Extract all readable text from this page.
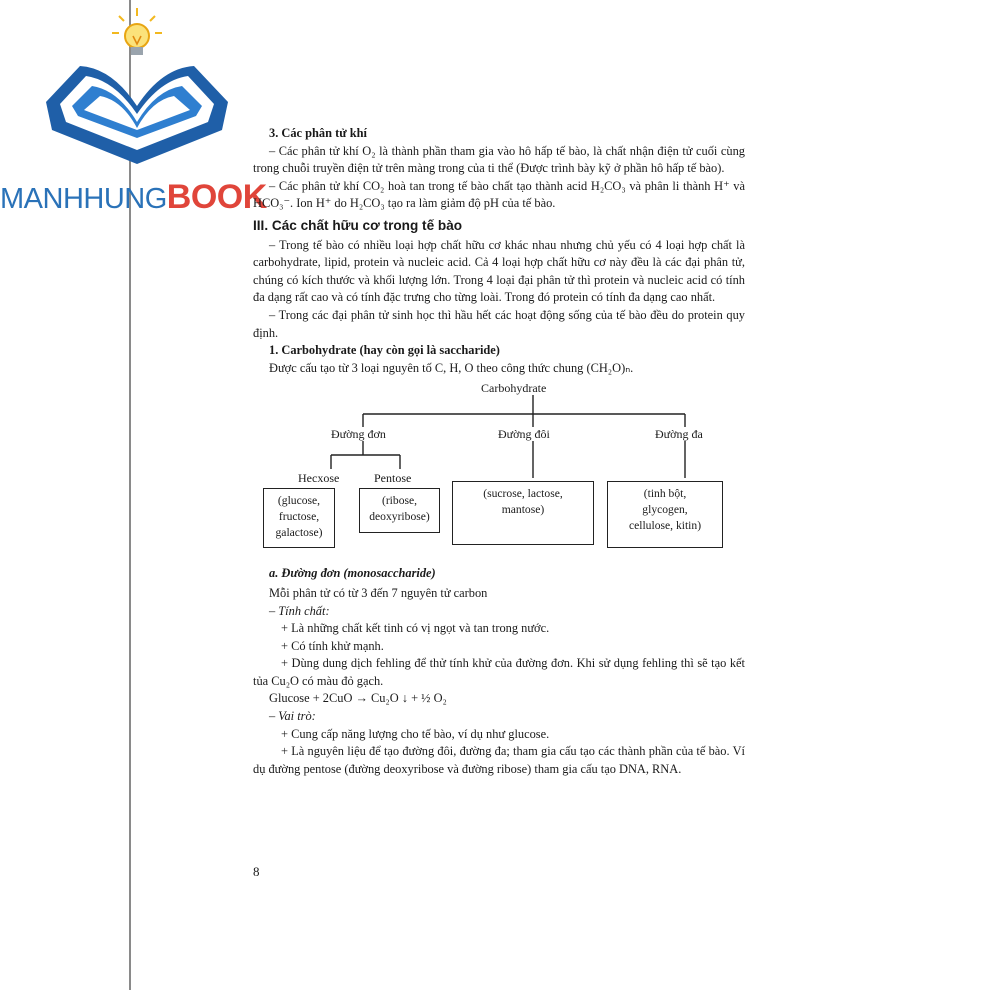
MANHHUNGBOOK

3. Các phân tử khí

– Các phân tử khí O₂ là thành phần tham gia vào hô hấp tế bào, là chất nhận điện tử cuối cùng trong chuỗi truyền điện tử trên màng trong của ti thể (Được trình bày kỹ ở phần hô hấp tế bào).

– Các phân tử khí CO₂ hoà tan trong tế bào chất tạo thành acid H₂CO₃ và phân li thành H⁺ và HCO₃⁻. Ion H⁺ do H₂CO₃ tạo ra làm giảm độ pH của tế bào.

III. Các chất hữu cơ trong tế bào

– Trong tế bào có nhiều loại hợp chất hữu cơ khác nhau nhưng chủ yếu có 4 loại hợp chất là carbohydrate, lipid, protein và nucleic acid. Cả 4 loại hợp chất hữu cơ này đều là các đại phân tử, chúng có kích thước và khối lượng lớn. Trong 4 loại đại phân tử thì protein và nucleic acid có tính đa dạng rất cao và có tính đặc trưng cho từng loài. Trong đó protein có tính đa dạng cao nhất.

– Trong các đại phân tử sinh học thì hầu hết các hoạt động sống của tế bào đều do protein quy định.

1. Carbohydrate (hay còn gọi là saccharide)

Được cấu tạo từ 3 loại nguyên tố C, H, O theo công thức chung (CH₂O)ₙ.

Carbohydrate
Đường đơn	Đường đôi	Đường đa
Hecxose	Pentose
(glucose,
fructose,
galactose)
(ribose,
deoxyribose)
(sucrose, lactose,
mantose)
(tinh bột,
glycogen,
cellulose, kitin)

a. Đường đơn (monosaccharide)

Mỗi phân tử có từ 3 đến 7 nguyên tử carbon

– Tính chất:

+ Là những chất kết tinh có vị ngọt và tan trong nước.

+ Có tính khử mạnh.

+ Dùng dung dịch fehling để thử tính khử của đường đơn. Khi sử dụng fehling thì sẽ tạo kết tủa Cu₂O có màu đỏ gạch.

Glucose + 2CuO → Cu₂O ↓ + ½ O₂

– Vai trò:

+ Cung cấp năng lượng cho tế bào, ví dụ như glucose.

+ Là nguyên liệu để tạo đường đôi, đường đa; tham gia cấu tạo các thành phần của tế bào. Ví dụ đường pentose (đường deoxyribose và đường ribose) tham gia cấu tạo DNA, RNA.

8
